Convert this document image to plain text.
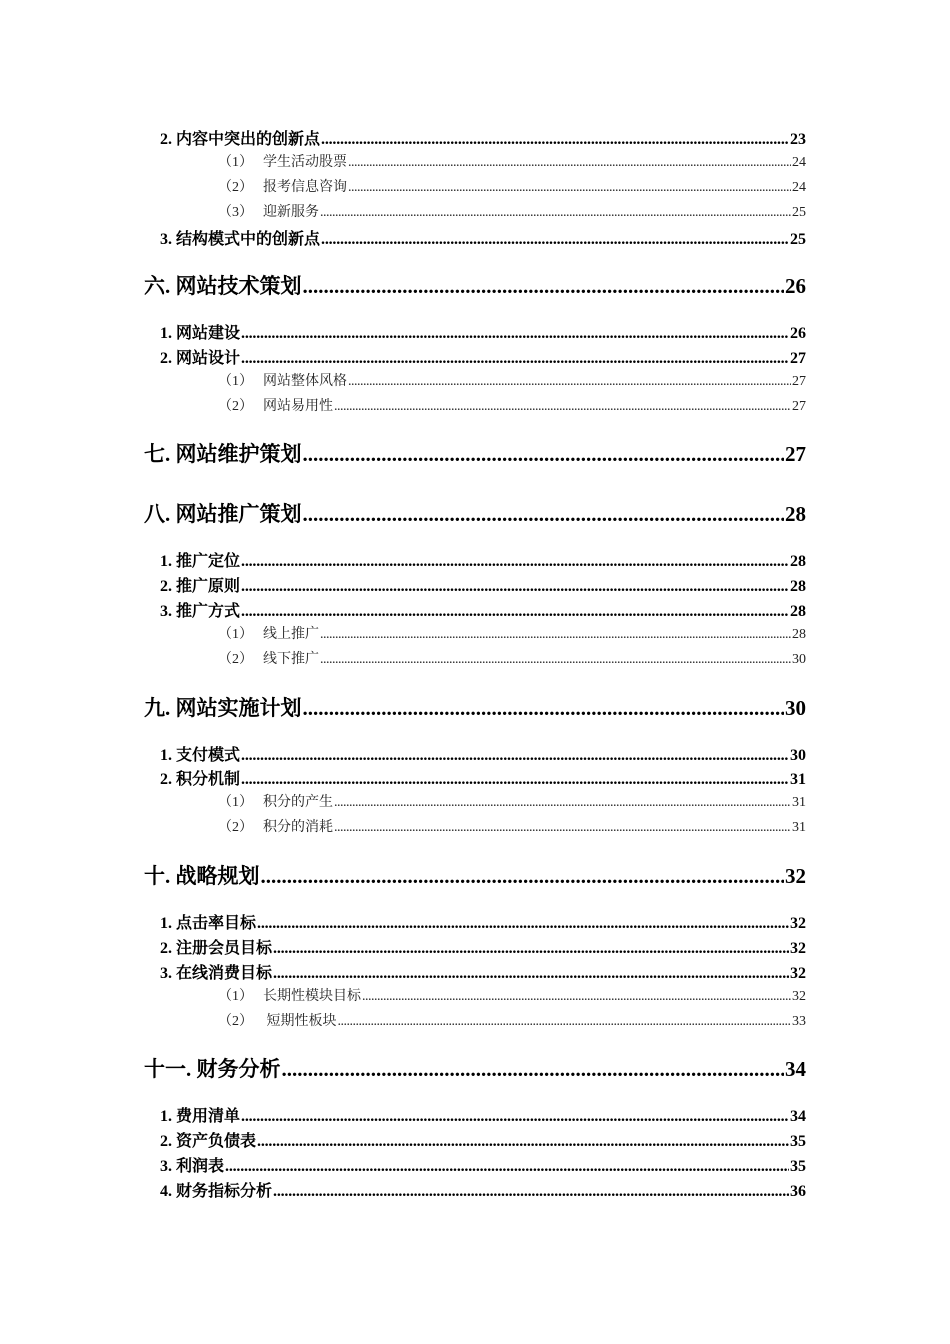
2. 内容中突出的创新点 .....	23
（1） 学生活动股票 .....	24
（2） 报考信息咨询 .....	24
（3） 迎新服务 .....	25
3. 结构模式中的创新点 .....	25
六. 网站技术策划 .....	26
1. 网站建设 .....	26
2. 网站设计 .....	27
（1） 网站整体风格 .....	27
（2） 网站易用性 .....	27
七. 网站维护策划 .....	27
八. 网站推广策划 .....	28
1. 推广定位 .....	28
2. 推广原则 .....	28
3. 推广方式 .....	28
（1） 线上推广 .....	28
（2） 线下推广 .....	30
九. 网站实施计划 .....	30
1. 支付模式 .....	30
2. 积分机制 .....	31
（1） 积分的产生 .....	31
（2） 积分的消耗 .....	31
十. 战略规划 .....	32
1. 点击率目标 .....	32
2. 注册会员目标 .....	32
3. 在线消费目标 .....	32
（1） 长期性模块目标 .....	32
（2） 短期性板块 .....	33
十一. 财务分析 .....	34
1. 费用清单 .....	34
2. 资产负债表 .....	35
3. 利润表 .....	35
4. 财务指标分析 .....	36
